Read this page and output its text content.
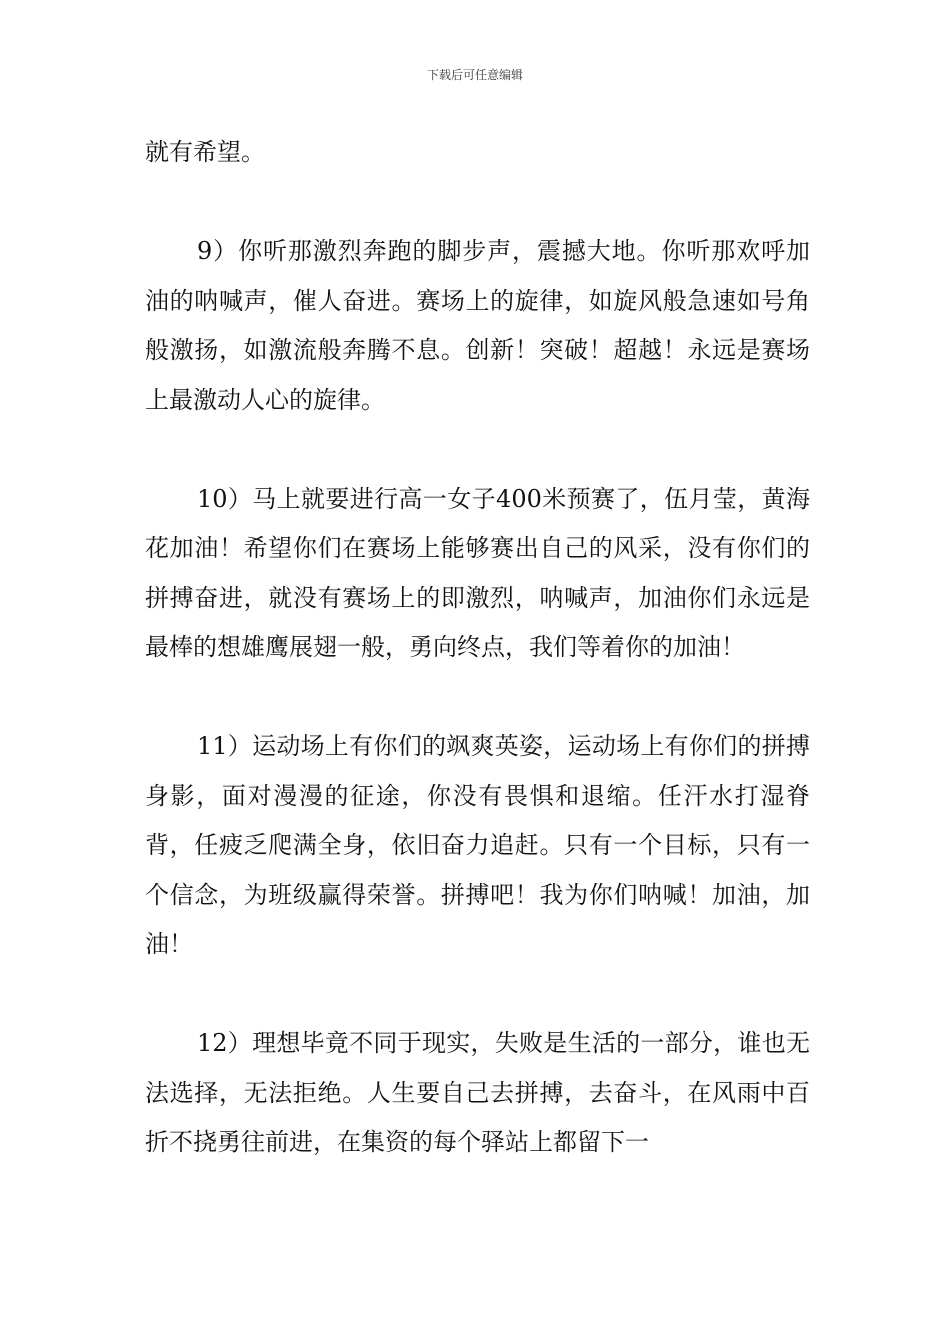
下载后可任意编辑

就有希望。

9）你听那激烈奔跑的脚步声，震撼大地。你听那欢呼加油的呐喊声，催人奋进。赛场上的旋律，如旋风般急速如号角般激扬，如激流般奔腾不息。创新！突破！超越！永远是赛场上最激动人心的旋律。

10）马上就要进行高一女子400米预赛了，伍月莹，黄海花加油！希望你们在赛场上能够赛出自己的风采，没有你们的拼搏奋进，就没有赛场上的即激烈，呐喊声，加油你们永远是最棒的想雄鹰展翅一般，勇向终点，我们等着你的加油！

11）运动场上有你们的飒爽英姿，运动场上有你们的拼搏身影，面对漫漫的征途，你没有畏惧和退缩。任汗水打湿脊背，任疲乏爬满全身，依旧奋力追赶。只有一个目标，只有一个信念，为班级赢得荣誉。拼搏吧！我为你们呐喊！加油，加油！

12）理想毕竟不同于现实，失败是生活的一部分，谁也无法选择，无法拒绝。人生要自己去拼搏，去奋斗，在风雨中百折不挠勇往前进，在集资的每个驿站上都留下一
